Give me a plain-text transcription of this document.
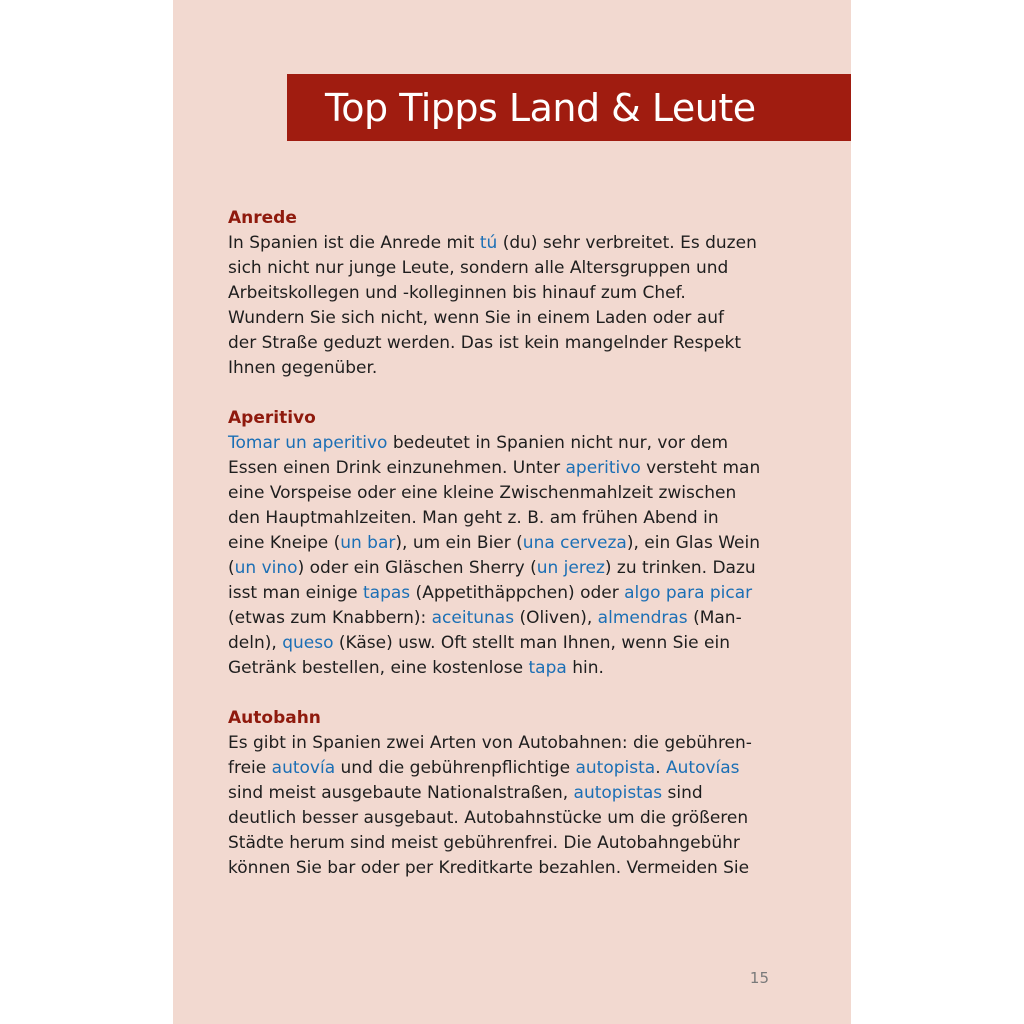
Top Tipps Land & Leute
Anrede
In Spanien ist die Anrede mit tú (du) sehr verbreitet. Es duzen
sich nicht nur junge Leute, sondern alle Altersgruppen und
Arbeitskollegen und -kolleginnen bis hinauf zum Chef.
Wundern Sie sich nicht, wenn Sie in einem Laden oder auf
der Straße geduzt werden. Das ist kein mangelnder Respekt
Ihnen gegenüber.
Aperitivo
Tomar un aperitivo bedeutet in Spanien nicht nur, vor dem
Essen einen Drink einzunehmen. Unter aperitivo versteht man
eine Vorspeise oder eine kleine Zwischenmahlzeit zwischen
den Hauptmahlzeiten. Man geht z. B. am frühen Abend in
eine Kneipe (un bar), um ein Bier (una cerveza), ein Glas Wein
(un vino) oder ein Gläschen Sherry (un jerez) zu trinken. Dazu
isst man einige tapas (Appetithäppchen) oder algo para picar
(etwas zum Knabbern): aceitunas (Oliven), almendras (Man-
deln), queso (Käse) usw. Oft stellt man Ihnen, wenn Sie ein
Getränk bestellen, eine kostenlose tapa hin.
Autobahn
Es gibt in Spanien zwei Arten von Autobahnen: die gebühren-
freie autovía und die gebührenpflichtige autopista. Autovías
sind meist ausgebaute Nationalstraßen, autopistas sind
deutlich besser ausgebaut. Autobahnstücke um die größeren
Städte herum sind meist gebührenfrei. Die Autobahngebühr
können Sie bar oder per Kreditkarte bezahlen. Vermeiden Sie
15
